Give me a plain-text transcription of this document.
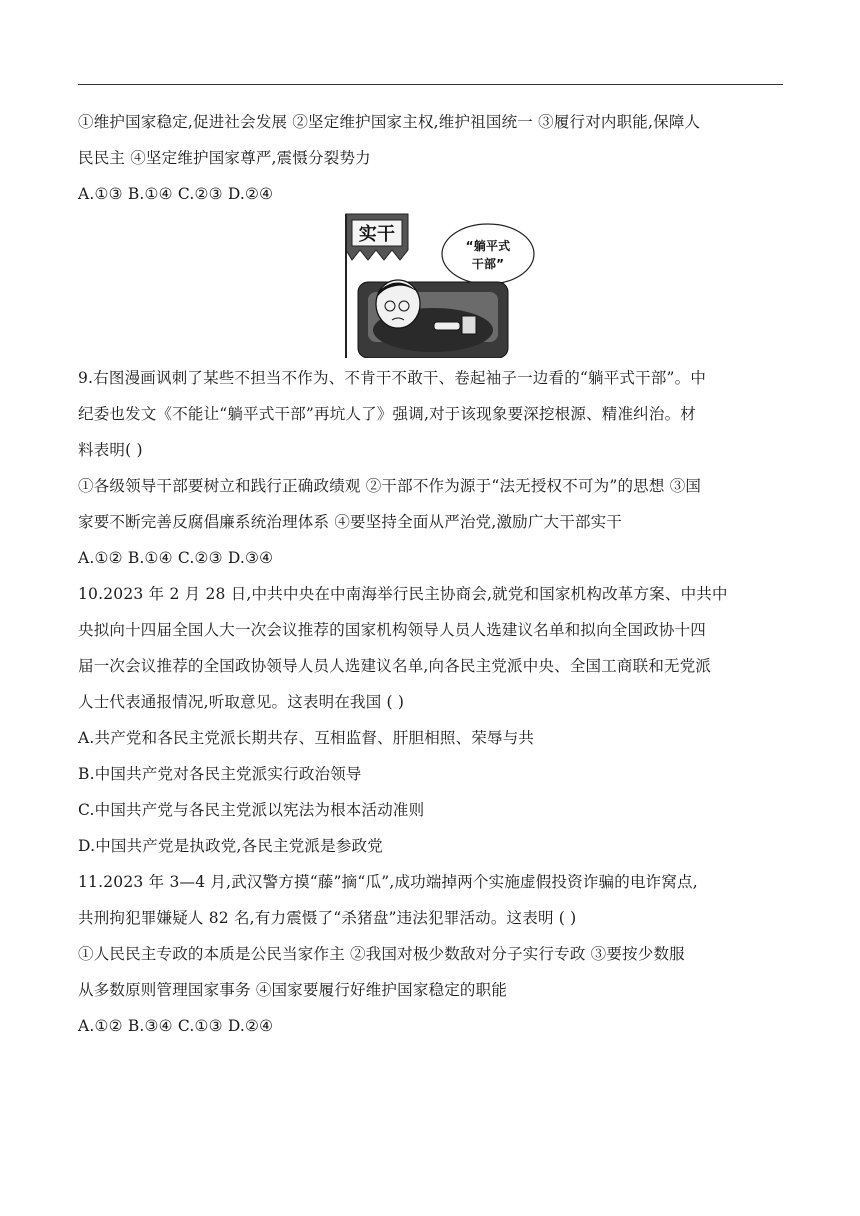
①维护国家稳定,促进社会发展 ②坚定维护国家主权,维护祖国统一 ③履行对内职能,保障人
民民主 ④坚定维护国家尊严,震慑分裂势力
A.①③ B.①④ C.②③ D.②④
实干
“躺平式
干部”
9.右图漫画讽刺了某些不担当不作为、不肯干不敢干、卷起袖子一边看的“躺平式干部”。中
纪委也发文《不能让“躺平式干部”再坑人了》强调,对于该现象要深挖根源、精准纠治。材
料表明( )
①各级领导干部要树立和践行正确政绩观 ②干部不作为源于“法无授权不可为”的思想 ③国
家要不断完善反腐倡廉系统治理体系 ④要坚持全面从严治党,激励广大干部实干
A.①② B.①④ C.②③ D.③④
10.2023 年 2 月 28 日,中共中央在中南海举行民主协商会,就党和国家机构改革方案、中共中
央拟向十四届全国人大一次会议推荐的国家机构领导人员人选建议名单和拟向全国政协十四
届一次会议推荐的全国政协领导人员人选建议名单,向各民主党派中央、全国工商联和无党派
人士代表通报情况,听取意见。这表明在我国 ( )
A.共产党和各民主党派长期共存、互相监督、肝胆相照、荣辱与共
B.中国共产党对各民主党派实行政治领导
C.中国共产党与各民主党派以宪法为根本活动准则
D.中国共产党是执政党,各民主党派是参政党
11.2023 年 3—4 月,武汉警方摸“藤”摘“瓜”,成功端掉两个实施虚假投资诈骗的电诈窝点,
共刑拘犯罪嫌疑人 82 名,有力震慑了“杀猪盘”违法犯罪活动。这表明 ( )
①人民民主专政的本质是公民当家作主 ②我国对极少数敌对分子实行专政 ③要按少数服
从多数原则管理国家事务 ④国家要履行好维护国家稳定的职能
A.①② B.③④ C.①③ D.②④
